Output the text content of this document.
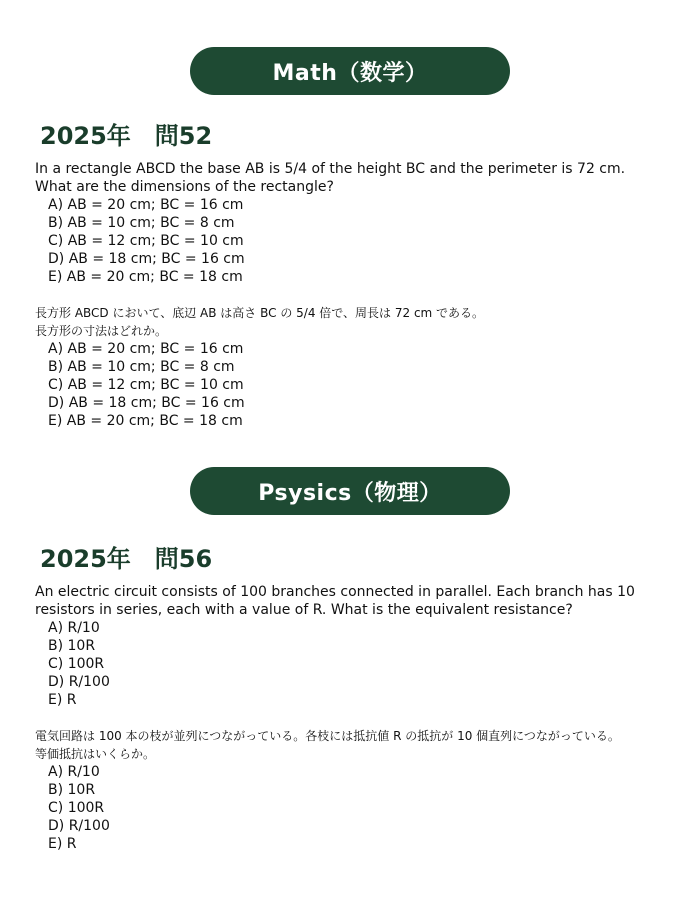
Math（数学）
2025年　問52

In a rectangle ABCD the base AB is 5/4 of the height BC and the perimeter is 72 cm.

What are the dimensions of the rectangle?

A) AB = 20 cm; BC = 16 cm
B) AB = 10 cm; BC = 8 cm
C) AB = 12 cm; BC = 10 cm
D) AB = 18 cm; BC = 16 cm
E) AB = 20 cm; BC = 18 cm

長方形 ABCD において、底辺 AB は高さ BC の 5/4 倍で、周長は 72 cm である。

長方形の寸法はどれか。

A) AB = 20 cm; BC = 16 cm
B) AB = 10 cm; BC = 8 cm
C) AB = 12 cm; BC = 10 cm
D) AB = 18 cm; BC = 16 cm
E) AB = 20 cm; BC = 18 cm
Psysics（物理）
2025年　問56

An electric circuit consists of 100 branches connected in parallel. Each branch has 10

resistors in series, each with a value of R. What is the equivalent resistance?

A) R/10
B) 10R
C) 100R
D) R/100
E) R

電気回路は 100 本の枝が並列につながっている。各枝には抵抗値 R の抵抗が 10 個直列につながっている。

等価抵抗はいくらか。

A) R/10
B) 10R
C) 100R
D) R/100
E) R
